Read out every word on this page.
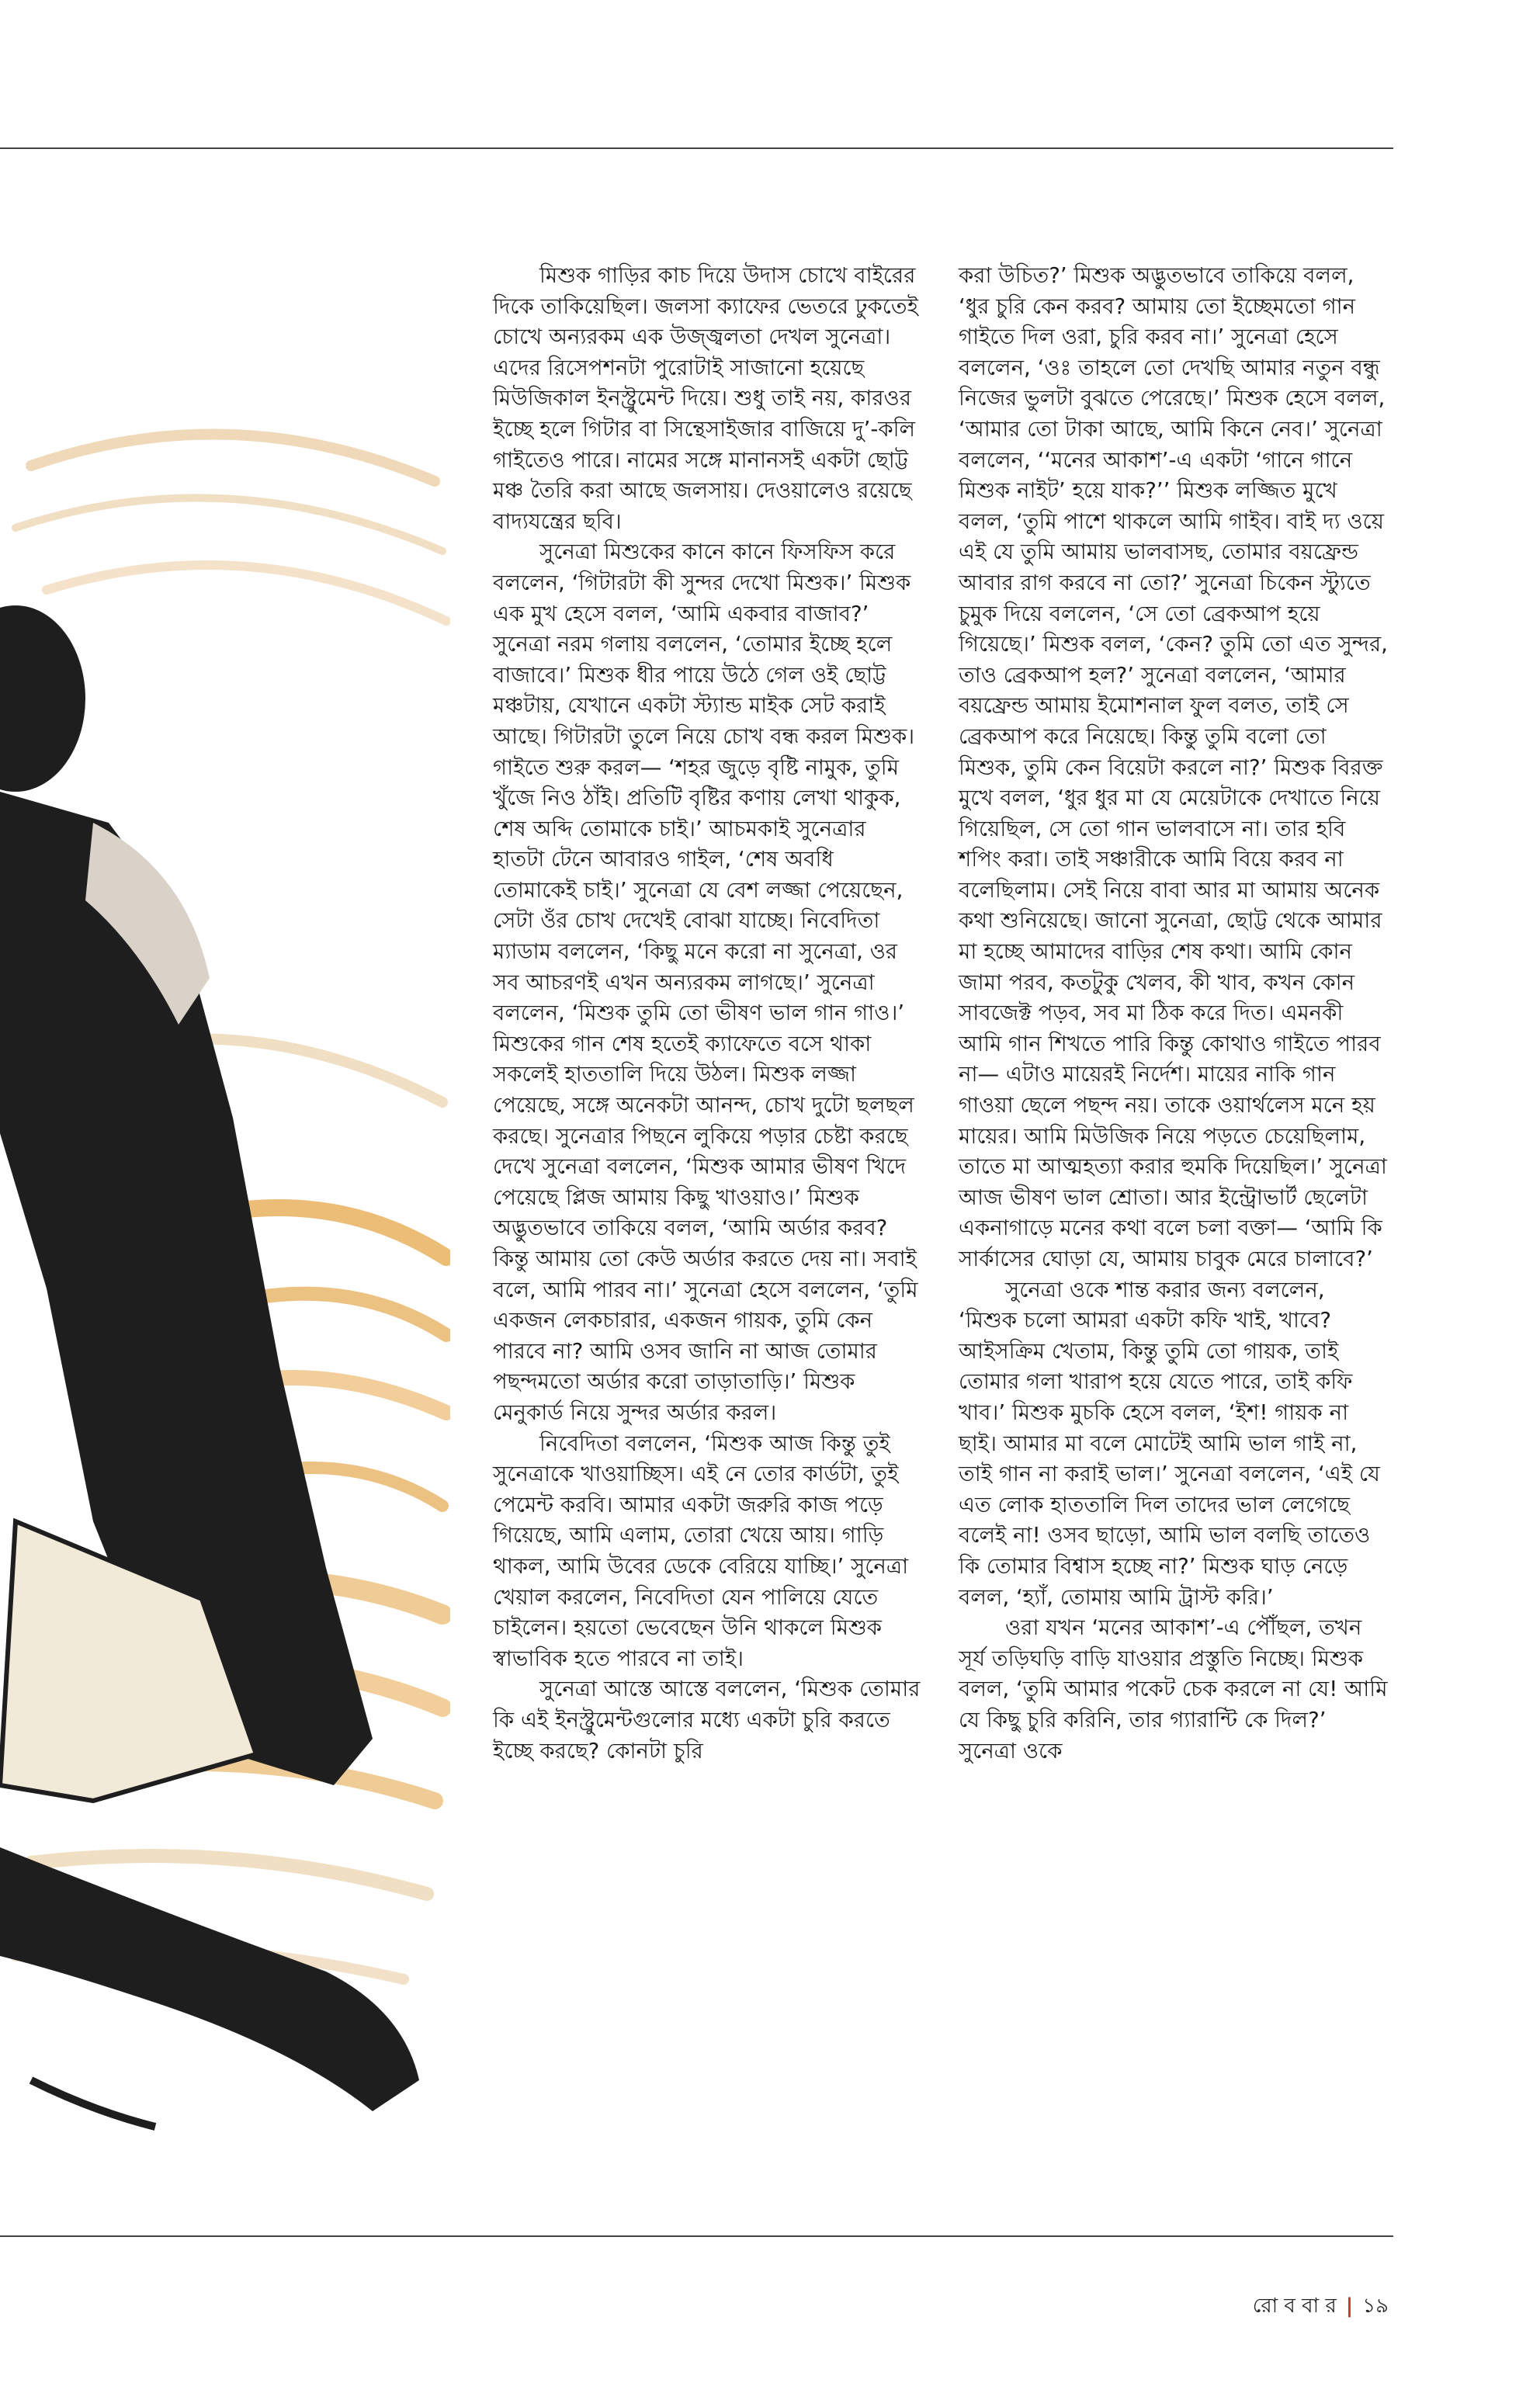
মিশুক গাড়ির কাচ দিয়ে উদাস চোখে বাইরের দিকে তাকিয়েছিল। জলসা ক্যাফের ভেতরে ঢুকতেই চোখে অন্যরকম এক উজ্জ্বলতা দেখল সুনেত্রা। এদের রিসেপশনটা পুরোটাই সাজানো হয়েছে মিউজিকাল ইনস্ট্রুমেন্ট দিয়ে। শুধু তাই নয়, কারওর ইচ্ছে হলে গিটার বা সিন্থেসাইজার বাজিয়ে দু’-কলি গাইতেও পারে। নামের সঙ্গে মানানসই একটা ছোট্ট মঞ্চ তৈরি করা আছে জলসায়। দেওয়ালেও রয়েছে বাদ্যযন্ত্রের ছবি।

সুনেত্রা মিশুকের কানে কানে ফিসফিস করে বললেন, ‘গিটারটা কী সুন্দর দেখো মিশুক।’ মিশুক এক মুখ হেসে বলল, ‘আমি একবার বাজাব?’ সুনেত্রা নরম গলায় বললেন, ‘তোমার ইচ্ছে হলে বাজাবে।’ মিশুক ধীর পায়ে উঠে গেল ওই ছোট্ট মঞ্চটায়, যেখানে একটা স্ট্যান্ড মাইক সেট করাই আছে। গিটারটা তুলে নিয়ে চোখ বন্ধ করল মিশুক। গাইতে শুরু করল— ‘শহর জুড়ে বৃষ্টি নামুক, তুমি খুঁজে নিও ঠাঁই। প্রতিটি বৃষ্টির কণায় লেখা থাকুক, শেষ অব্দি তোমাকে চাই।’ আচমকাই সুনেত্রার হাতটা টেনে আবারও গাইল, ‘শেষ অবধি তোমাকেই চাই।’ সুনেত্রা যে বেশ লজ্জা পেয়েছেন, সেটা ওঁর চোখ দেখেই বোঝা যাচ্ছে। নিবেদিতা ম্যাডাম বললেন, ‘কিছু মনে করো না সুনেত্রা, ওর সব আচরণই এখন অন্যরকম লাগছে।’ সুনেত্রা বললেন, ‘মিশুক তুমি তো ভীষণ ভাল গান গাও।’ মিশুকের গান শেষ হতেই ক্যাফেতে বসে থাকা সকলেই হাততালি দিয়ে উঠল। মিশুক লজ্জা পেয়েছে, সঙ্গে অনেকটা আনন্দ, চোখ দুটো ছলছল করছে। সুনেত্রার পিছনে লুকিয়ে পড়ার চেষ্টা করছে দেখে সুনেত্রা বললেন, ‘মিশুক আমার ভীষণ খিদে পেয়েছে প্লিজ আমায় কিছু খাওয়াও।’ মিশুক অদ্ভুতভাবে তাকিয়ে বলল, ‘আমি অর্ডার করব? কিন্তু আমায় তো কেউ অর্ডার করতে দেয় না। সবাই বলে, আমি পারব না।’ সুনেত্রা হেসে বললেন, ‘তুমি একজন লেকচারার, একজন গায়ক, তুমি কেন পারবে না? আমি ওসব জানি না আজ তোমার পছন্দমতো অর্ডার করো তাড়াতাড়ি।’ মিশুক মেনুকার্ড নিয়ে সুন্দর অর্ডার করল।

নিবেদিতা বললেন, ‘মিশুক আজ কিন্তু তুই সুনেত্রাকে খাওয়াচ্ছিস। এই নে তোর কার্ডটা, তুই পেমেন্ট করবি। আমার একটা জরুরি কাজ পড়ে গিয়েছে, আমি এলাম, তোরা খেয়ে আয়। গাড়ি থাকল, আমি উবের ডেকে বেরিয়ে যাচ্ছি।’ সুনেত্রা খেয়াল করলেন, নিবেদিতা যেন পালিয়ে যেতে চাইলেন। হয়তো ভেবেছেন উনি থাকলে মিশুক স্বাভাবিক হতে পারবে না তাই।

সুনেত্রা আস্তে আস্তে বললেন, ‘মিশুক তোমার কি এই ইনস্ট্রুমেন্টগুলোর মধ্যে একটা চুরি করতে ইচ্ছে করছে? কোনটা চুরি

করা উচিত?’ মিশুক অদ্ভুতভাবে তাকিয়ে বলল, ‘ধুর চুরি কেন করব? আমায় তো ইচ্ছেমতো গান গাইতে দিল ওরা, চুরি করব না।’ সুনেত্রা হেসে বললেন, ‘ওঃ তাহলে তো দেখছি আমার নতুন বন্ধু নিজের ভুলটা বুঝতে পেরেছে।’ মিশুক হেসে বলল, ‘আমার তো টাকা আছে, আমি কিনে নেব।’ সুনেত্রা বললেন, ‘‘মনের আকাশ’-এ একটা ‘গানে গানে মিশুক নাইট’ হয়ে যাক?’’ মিশুক লজ্জিত মুখে বলল, ‘তুমি পাশে থাকলে আমি গাইব। বাই দ্য ওয়ে এই যে তুমি আমায় ভালবাসছ, তোমার বয়ফ্রেন্ড আবার রাগ করবে না তো?’ সুনেত্রা চিকেন স্ট্যুতে চুমুক দিয়ে বললেন, ‘সে তো ব্রেকআপ হয়ে গিয়েছে।’ মিশুক বলল, ‘কেন? তুমি তো এত সুন্দর, তাও ব্রেকআপ হল?’ সুনেত্রা বললেন, ‘আমার বয়ফ্রেন্ড আমায় ইমোশনাল ফুল বলত, তাই সে ব্রেকআপ করে নিয়েছে। কিন্তু তুমি বলো তো মিশুক, তুমি কেন বিয়েটা করলে না?’ মিশুক বিরক্ত মুখে বলল, ‘ধুর ধুর মা যে মেয়েটাকে দেখাতে নিয়ে গিয়েছিল, সে তো গান ভালবাসে না। তার হবি শপিং করা। তাই সঞ্চারীকে আমি বিয়ে করব না বলেছিলাম। সেই নিয়ে বাবা আর মা আমায় অনেক কথা শুনিয়েছে। জানো সুনেত্রা, ছোট্ট থেকে আমার মা হচ্ছে আমাদের বাড়ির শেষ কথা। আমি কোন জামা পরব, কতটুকু খেলব, কী খাব, কখন কোন সাবজেক্ট পড়ব, সব মা ঠিক করে দিত। এমনকী আমি গান শিখতে পারি কিন্তু কোথাও গাইতে পারব না— এটাও মায়েরই নির্দেশ। মায়ের নাকি গান গাওয়া ছেলে পছন্দ নয়। তাকে ওয়ার্থলেস মনে হয় মায়ের। আমি মিউজিক নিয়ে পড়তে চেয়েছিলাম, তাতে মা আত্মহত্যা করার হুমকি দিয়েছিল।’ সুনেত্রা আজ ভীষণ ভাল শ্রোতা। আর ইন্ট্রোভার্ট ছেলেটা একনাগাড়ে মনের কথা বলে চলা বক্তা— ‘আমি কি সার্কাসের ঘোড়া যে, আমায় চাবুক মেরে চালাবে?’

সুনেত্রা ওকে শান্ত করার জন্য বললেন, ‘মিশুক চলো আমরা একটা কফি খাই, খাবে? আইসক্রিম খেতাম, কিন্তু তুমি তো গায়ক, তাই তোমার গলা খারাপ হয়ে যেতে পারে, তাই কফি খাব।’ মিশুক মুচকি হেসে বলল, ‘ইশ! গায়ক না ছাই। আমার মা বলে মোটেই আমি ভাল গাই না, তাই গান না করাই ভাল।’ সুনেত্রা বললেন, ‘এই যে এত লোক হাততালি দিল তাদের ভাল লেগেছে বলেই না! ওসব ছাড়ো, আমি ভাল বলছি তাতেও কি তোমার বিশ্বাস হচ্ছে না?’ মিশুক ঘাড় নেড়ে বলল, ‘হ্যাঁ, তোমায় আমি ট্রাস্ট করি।’

ওরা যখন ‘মনের আকাশ’-এ পৌঁছল, তখন সূর্য তড়িঘড়ি বাড়ি যাওয়ার প্রস্তুতি নিচ্ছে। মিশুক বলল, ‘তুমি আমার পকেট চেক করলে না যে! আমি যে কিছু চুরি করিনি, তার গ্যারান্টি কে দিল?’ সুনেত্রা ওকে

রো ব বা র | ১৯
